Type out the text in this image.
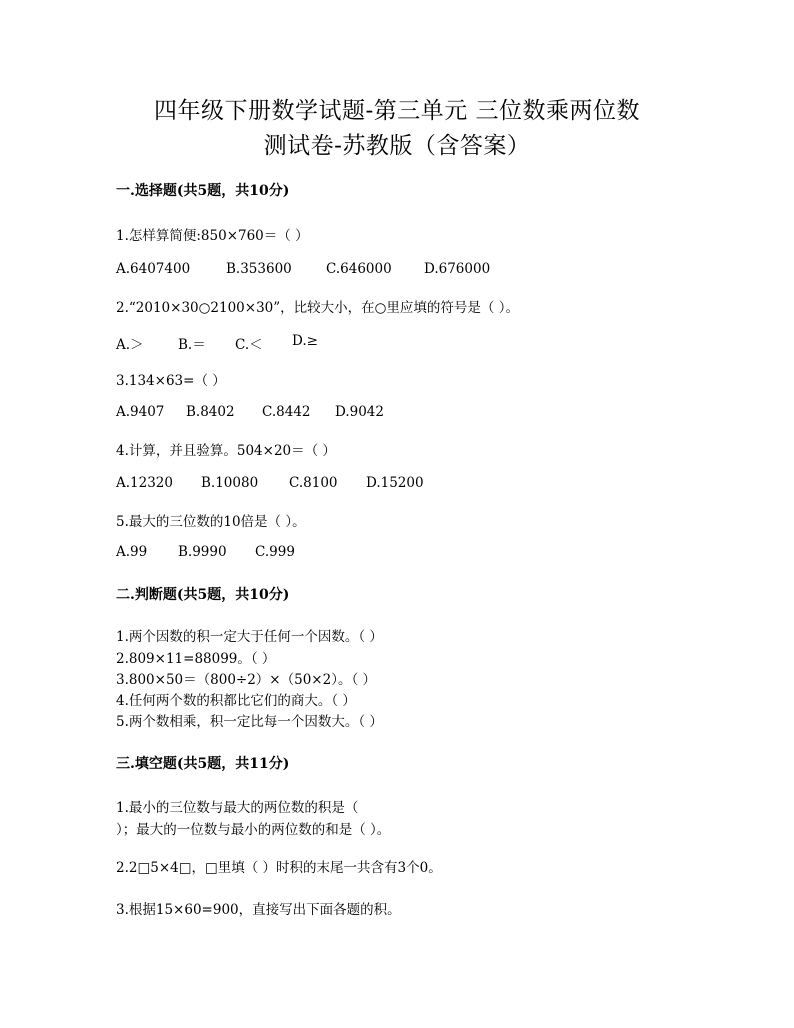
四年级下册数学试题-第三单元 三位数乘两位数
测试卷-苏教版（含答案）
一.选择题(共5题，共10分)
1.怎样算简便:850×760＝（ ）
A.6407400	B.353600	C.646000 D.676000
2.“2010×30○2100×30”，比较大小，在○里应填的符号是（ ）。
A.＞	B.＝ C.＜ D.≥
3.134×63=（ ）
A.9407 B.8402 C.8442 D.9042
4.计算，并且验算。504×20＝（ ）
A.12320 B.10080 C.8100 D.15200
5.最大的三位数的10倍是（ ）。
A.99 B.9990 C.999
二.判断题(共5题，共10分)
1.两个因数的积一定大于任何一个因数。（ ）
2.809×11=88099。（ ）
3.800×50＝（800÷2）×（50×2）。（ ）
4.任何两个数的积都比它们的商大。（ ）
5.两个数相乘，积一定比每一个因数大。（ ）
三.填空题(共5题，共11分)
1.最小的三位数与最大的两位数的积是（
）；最大的一位数与最小的两位数的和是（ ）。
2.2□5×4□，□里填（ ）时积的末尾一共含有3个0。
3.根据15×60=900，直接写出下面各题的积。
